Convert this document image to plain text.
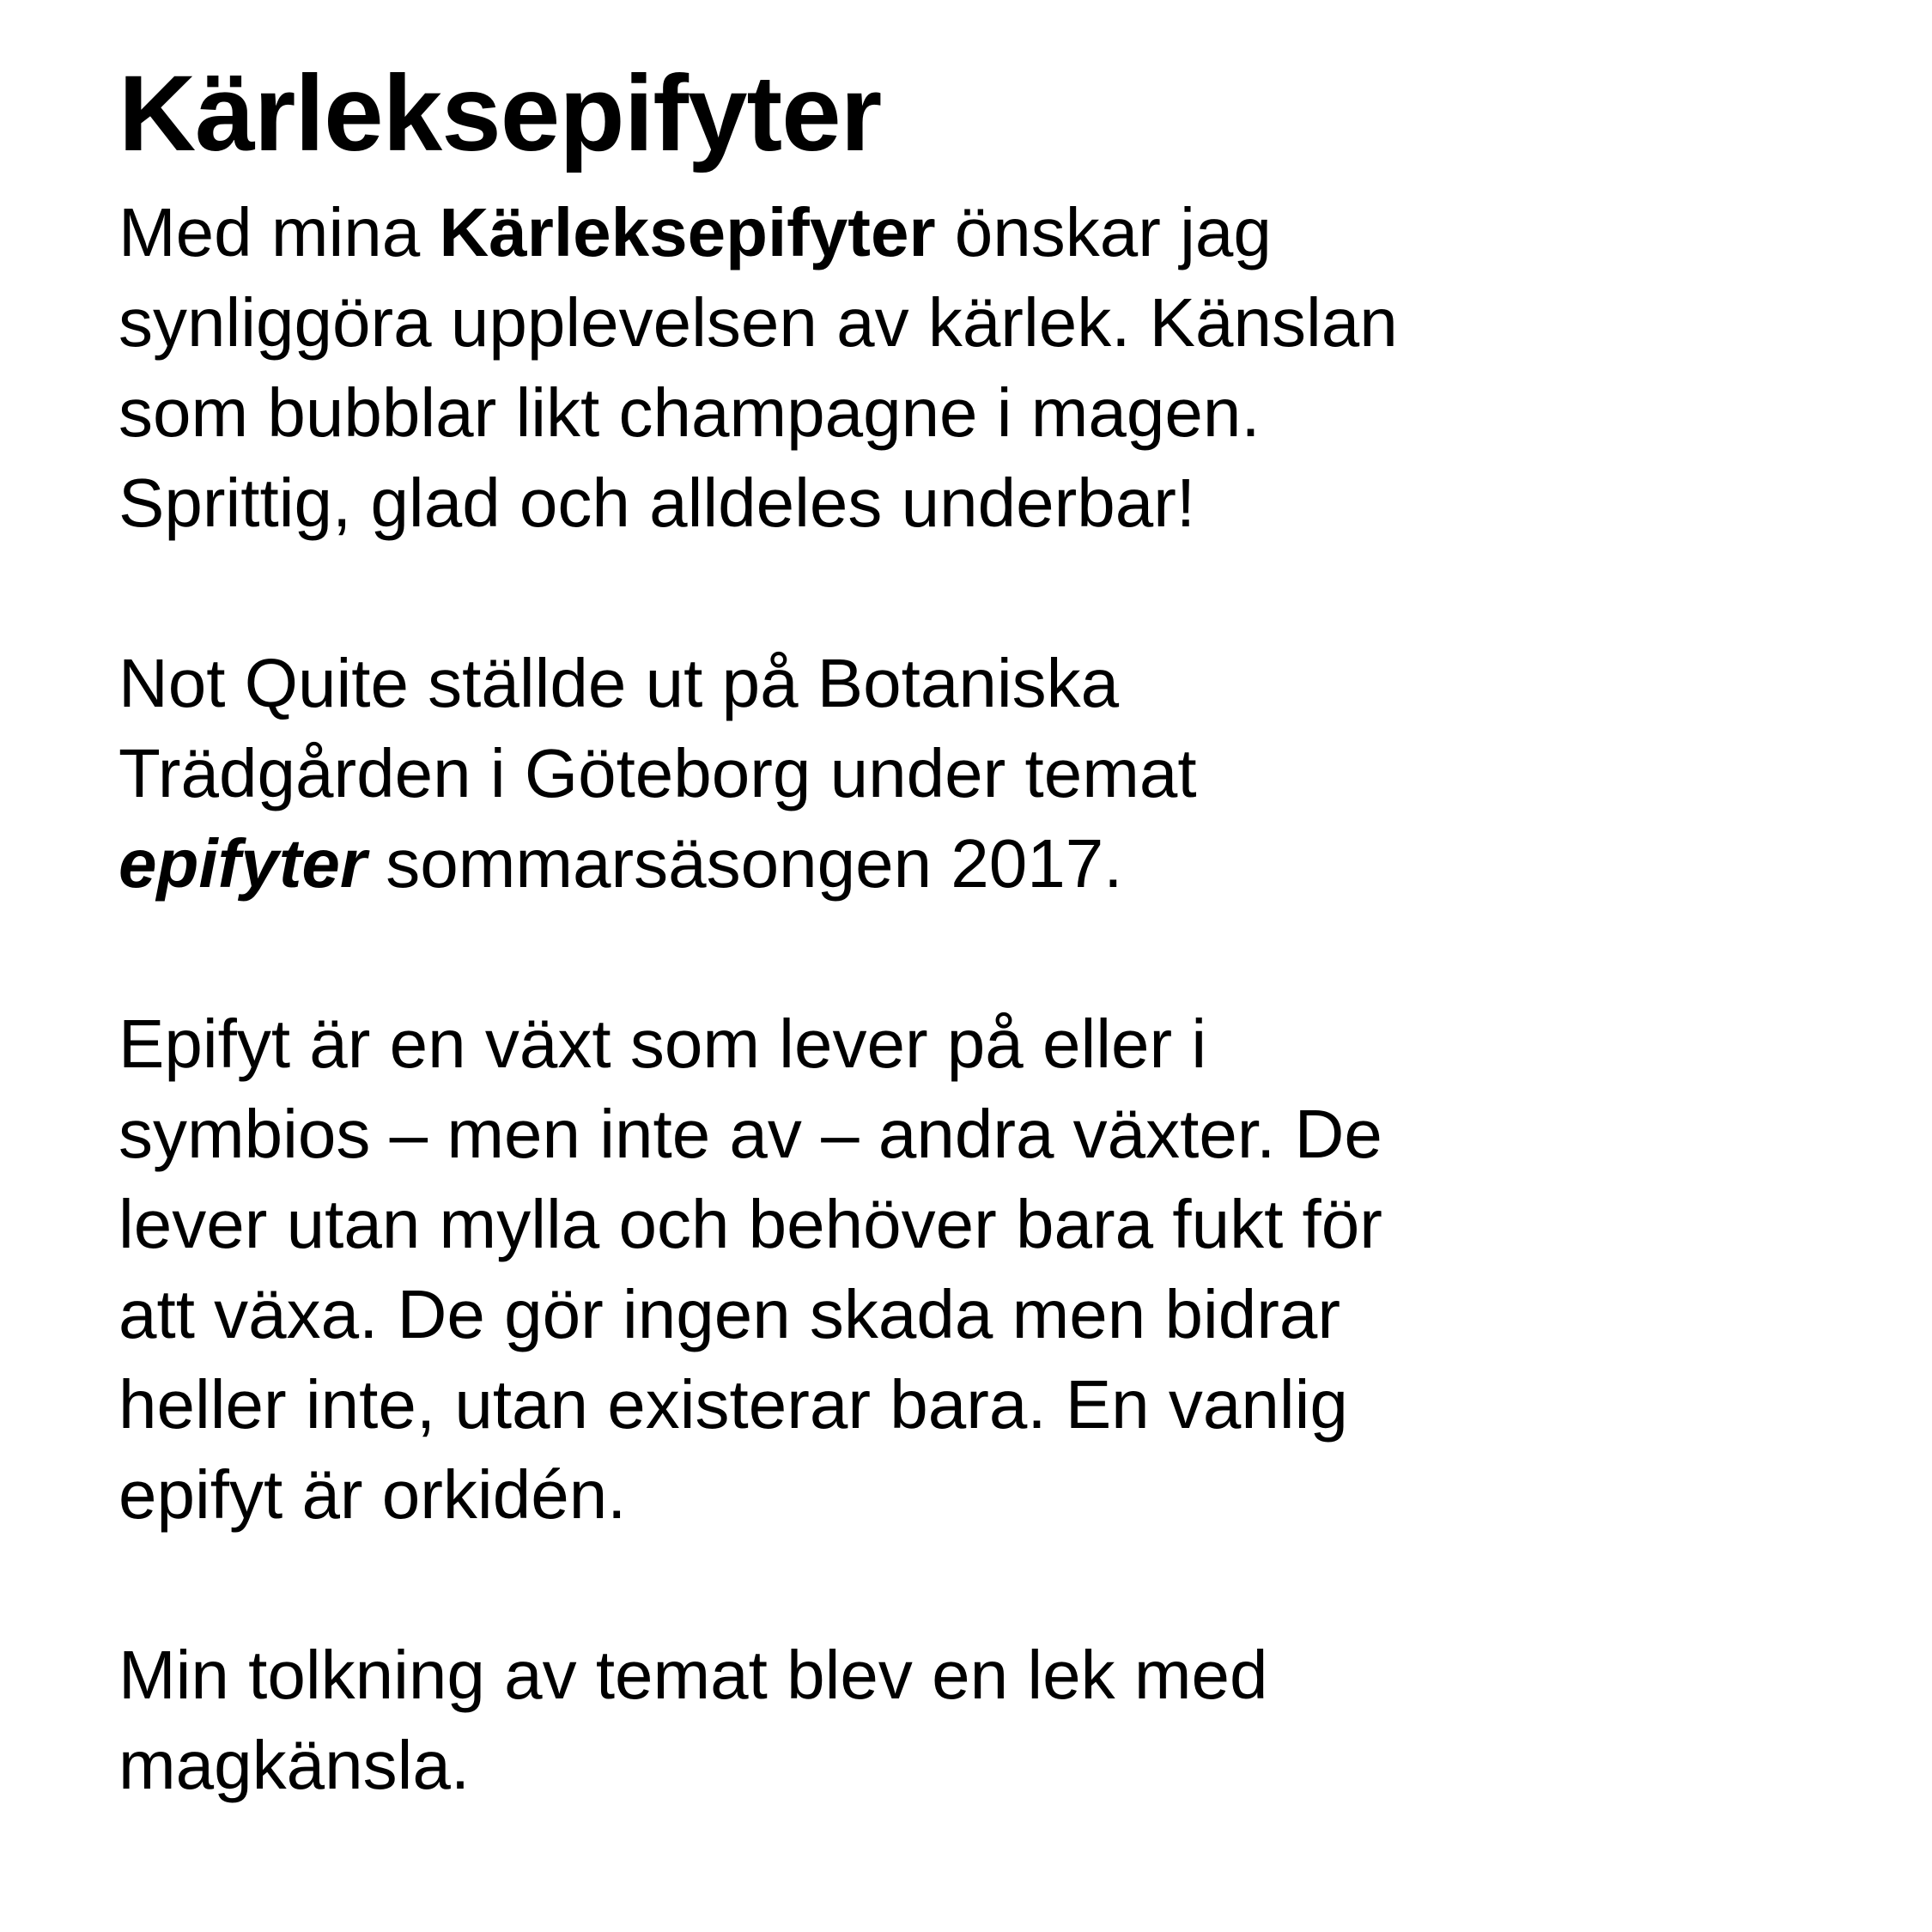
Kärleksepifyter

Med mina Kärleksepifyter önskar jag
synliggöra upplevelsen av kärlek. Känslan
som bubblar likt champagne i magen.
Sprittig, glad och alldeles underbar!

Not Quite ställde ut på Botaniska
Trädgården i Göteborg under temat
epifyter sommarsäsongen 2017.

Epifyt är en växt som lever på eller i
symbios – men inte av – andra växter. De
lever utan mylla och behöver bara fukt för
att växa. De gör ingen skada men bidrar
heller inte, utan existerar bara. En vanlig
epifyt är orkidén.

Min tolkning av temat blev en lek med
magkänsla.
